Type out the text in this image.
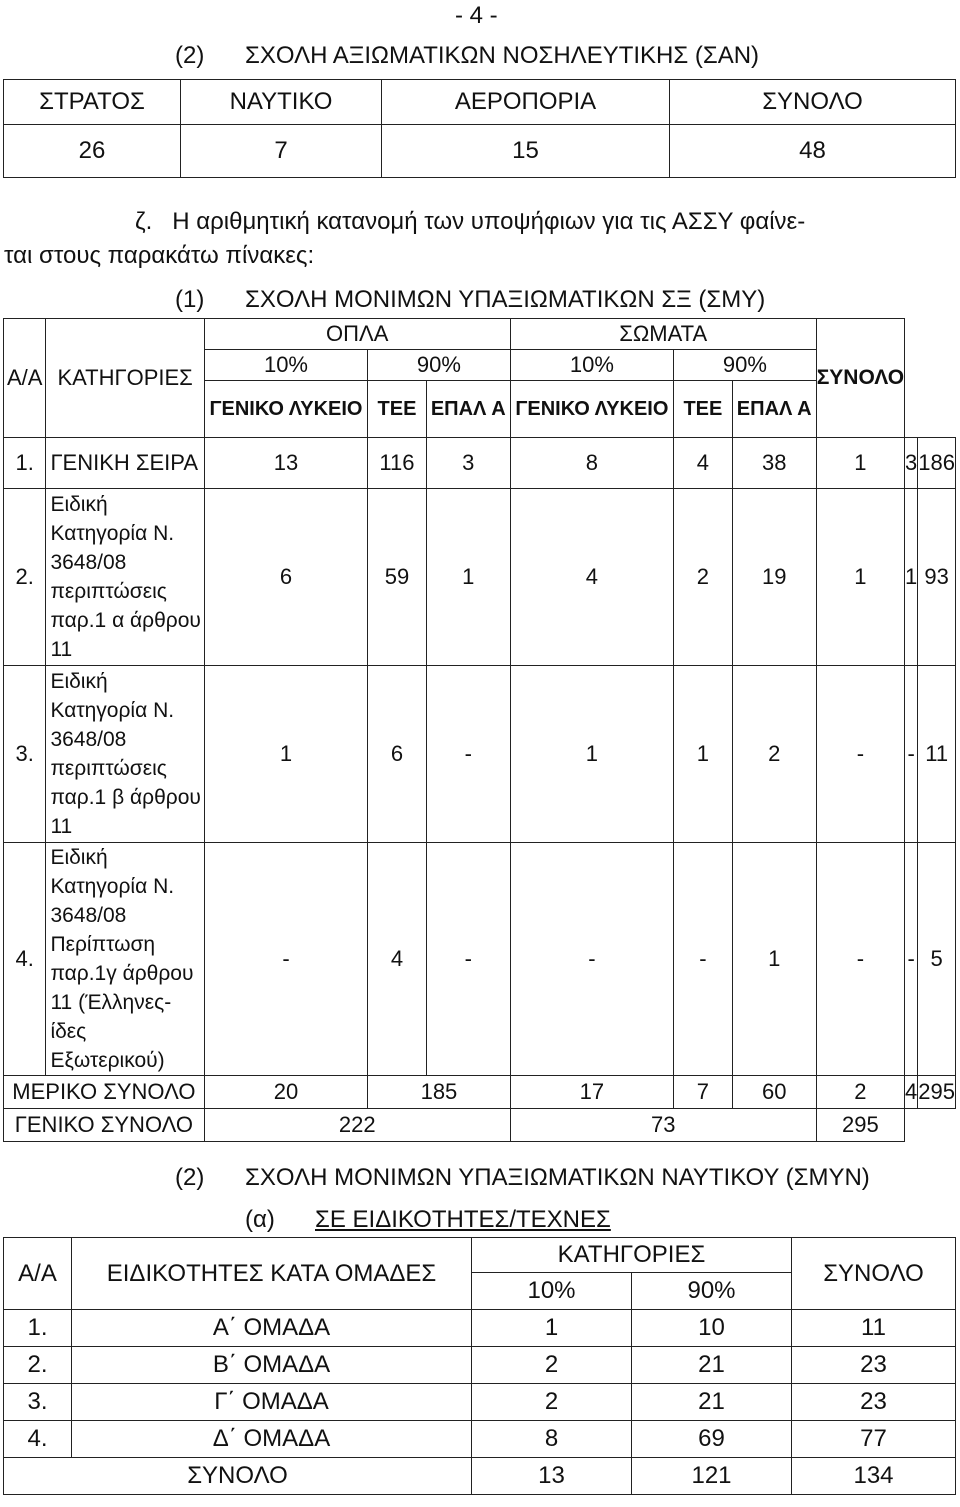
- 4 -
(2) ΣΧΟΛΗ ΑΞΙΩΜΑΤΙΚΩΝ ΝΟΣΗΛΕΥΤΙΚΗΣ (ΣΑΝ)
ΣΤΡΑΤΟΣ	ΝΑΥΤΙΚΟ	ΑΕΡΟΠΟΡΙΑ	ΣΥΝΟΛΟ
26	7	15	48
ζ.   Η αριθμητική κατανομή των υποψήφιων για τις ΑΣΣΥ φαίνε-
ται στους παρακάτω πίνακες:
(1) ΣΧΟΛΗ ΜΟΝΙΜΩΝ ΥΠΑΞΙΩΜΑΤΙΚΩΝ ΣΞ (ΣΜΥ)
Α/Α	ΚΑΤΗΓΟΡΙΕΣ	ΟΠΛΑ			ΣΩΜΑΤΑ			ΣΥΝΟΛΟ		
		10%	90%		10%	90%				
		ΓΕΝΙΚΟ ΛΥΚΕΙΟ	ΤΕΕ	ΕΠΑΛ Α	ΓΕΝΙΚΟ ΛΥΚΕΙΟ	ΤΕΕ	ΕΠΑΛ Α			
1.	ΓΕΝΙΚΗ ΣΕΙΡΑ	13	116	3	8	4	38	1	3	186
2.	Ειδική Κατηγορία Ν. 3648/08 περιπτώσεις παρ.1 α άρθρου 11	6	59	1	4	2	19	1	1	93
3.	Ειδική Κατηγορία Ν. 3648/08 περιπτώσεις παρ.1 β άρθρου 11	1	6	-	1	1	2	-	-	11
4.	Ειδική Κατηγορία Ν. 3648/08 Περίπτωση παρ.1γ άρθρου 11 (Έλληνες-ίδες Εξωτερικού)	-	4	-	-	-	1	-	-	5
ΜΕΡΙΚΟ ΣΥΝΟΛΟ		20	185		17	7	60	2	4	295
ΓΕΝΙΚΟ ΣΥΝΟΛΟ		222			73			295		
(2) ΣΧΟΛΗ ΜΟΝΙΜΩΝ ΥΠΑΞΙΩΜΑΤΙΚΩΝ ΝΑΥΤΙΚΟΥ (ΣΜΥΝ)
(α) ΣΕ ΕΙΔΙΚΟΤΗΤΕΣ/ΤΕΧΝΕΣ
Α/Α	ΕΙΔΙΚΟΤΗΤΕΣ ΚΑΤΑ ΟΜΑΔΕΣ	ΚΑΤΗΓΟΡΙΕΣ		ΣΥΝΟΛΟ
		10%	90%	
1.	Α΄ ΟΜΑΔΑ	1	10	11
2.	Β΄ ΟΜΑΔΑ	2	21	23
3.	Γ΄ ΟΜΑΔΑ	2	21	23
4.	Δ΄ ΟΜΑΔΑ	8	69	77
ΣΥΝΟΛΟ		13	121	134
